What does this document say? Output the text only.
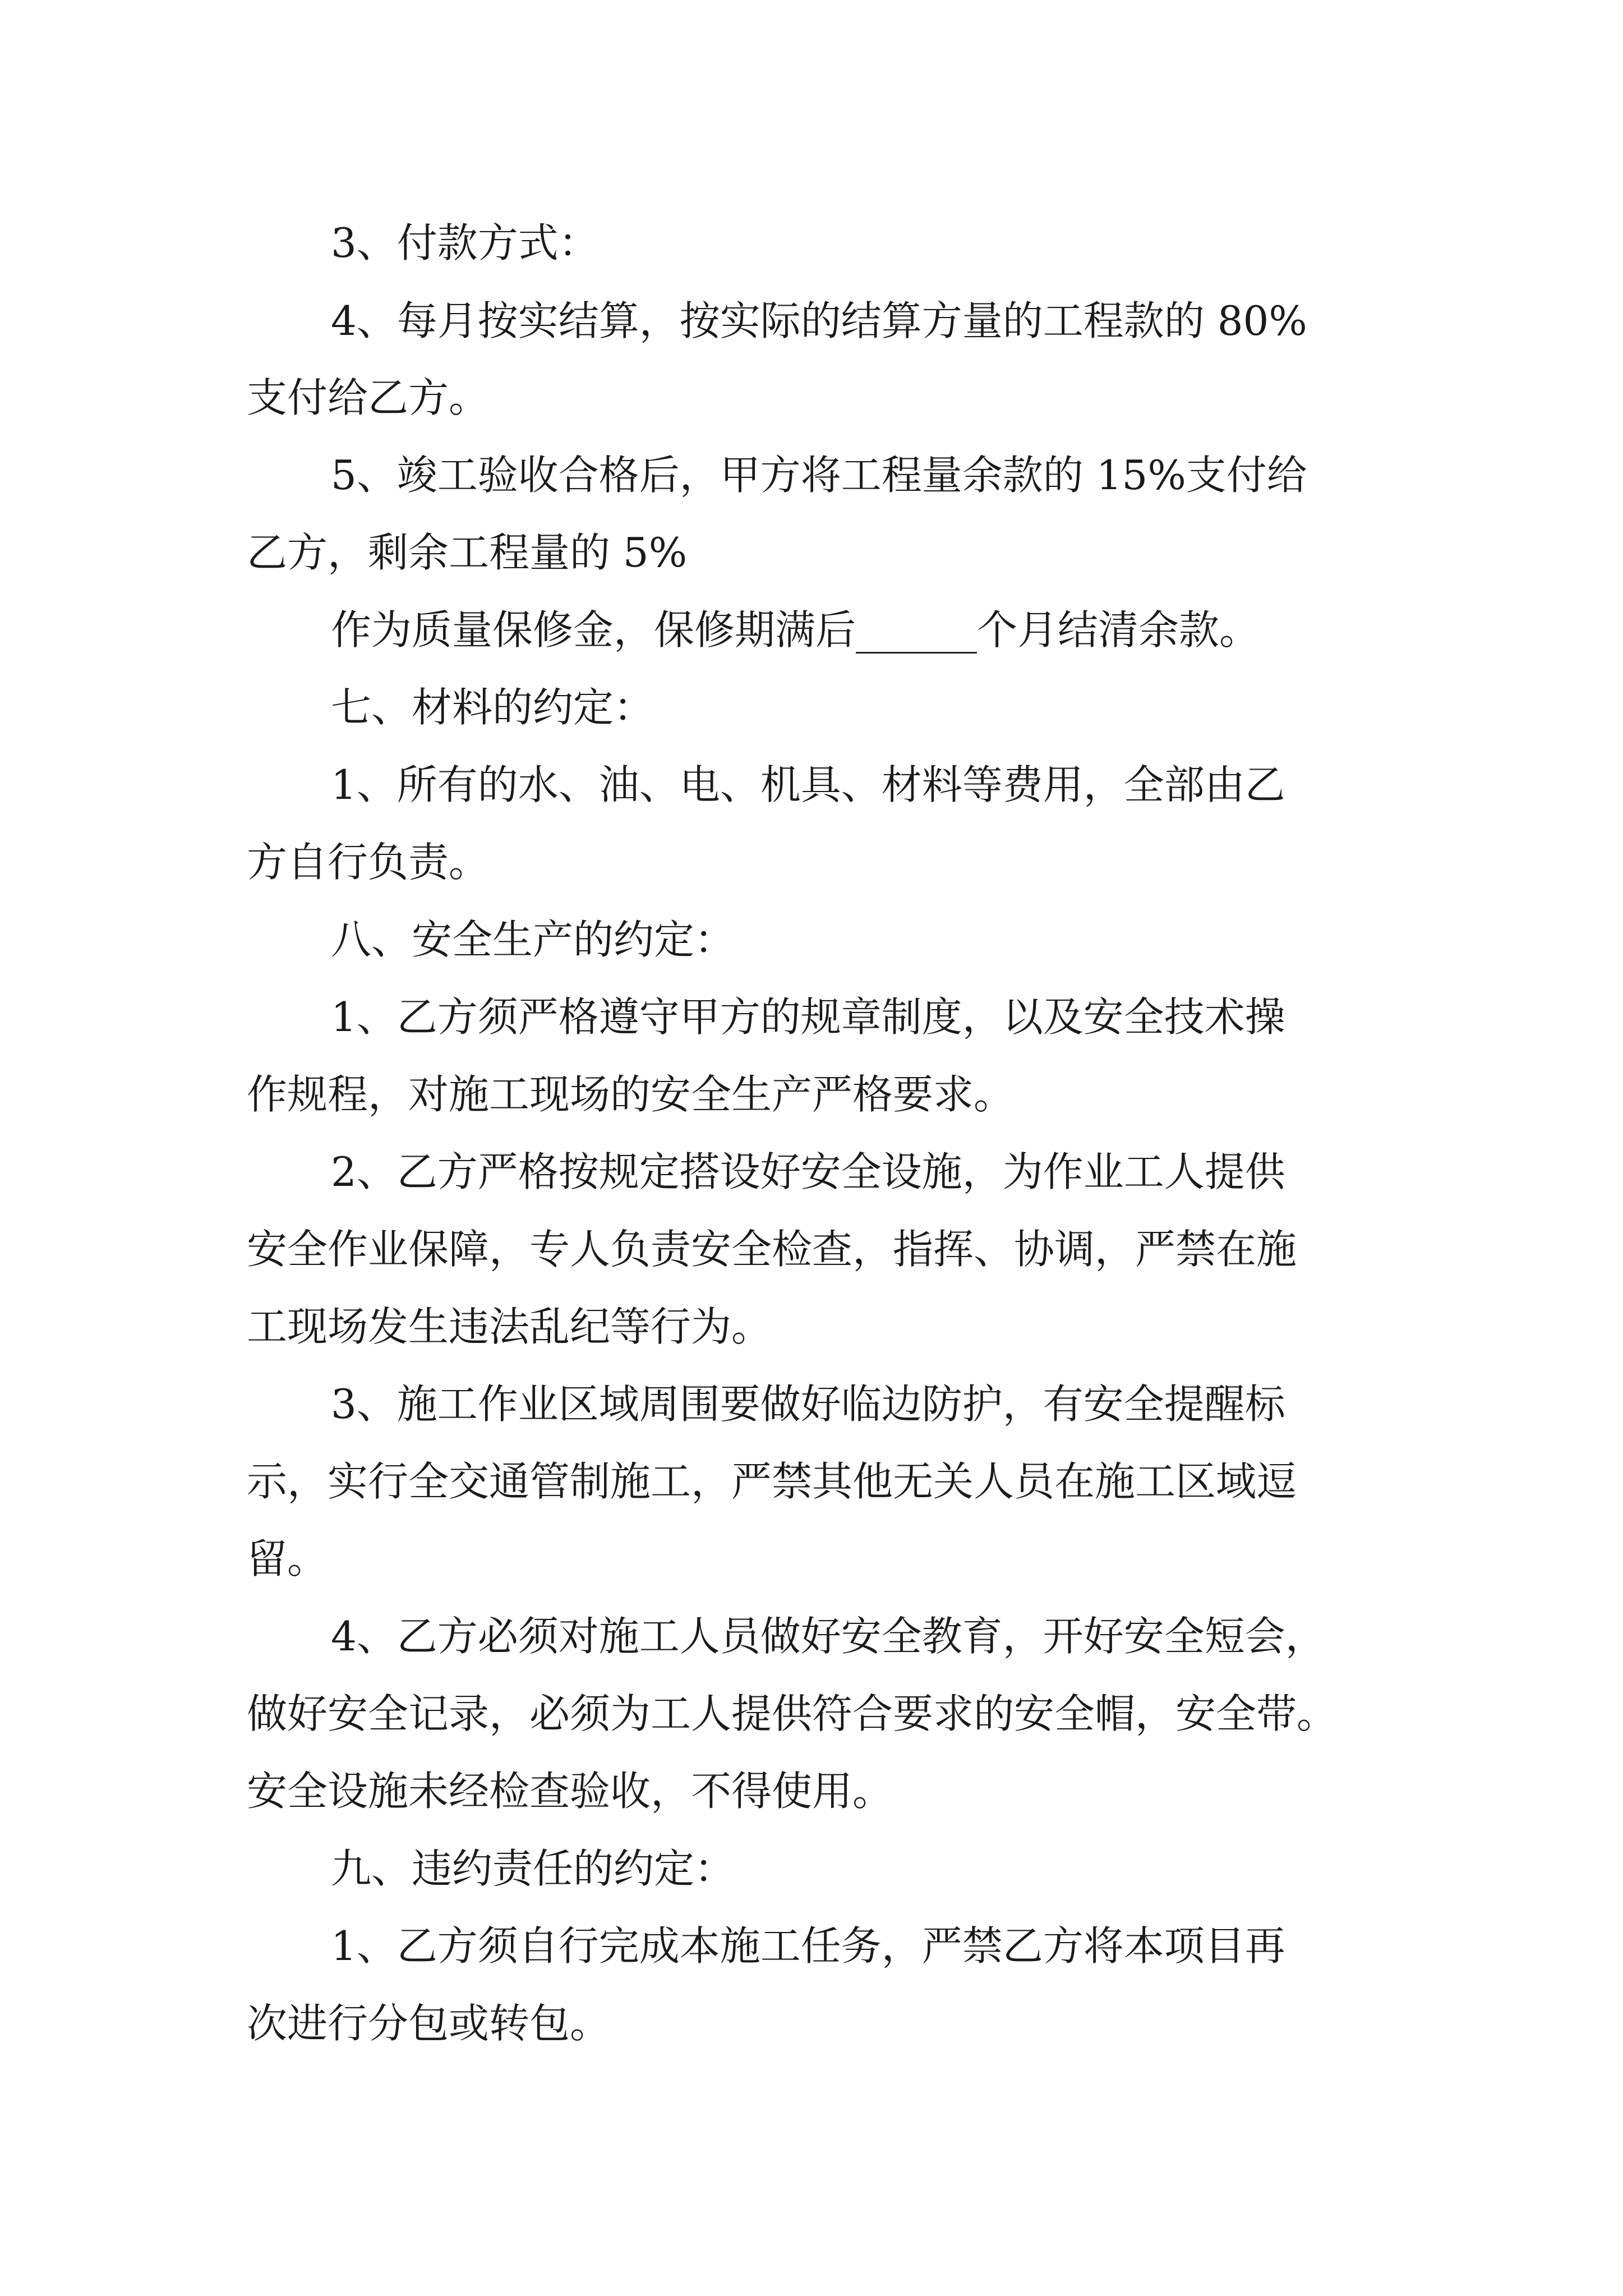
3、付款方式：
4、每月按实结算，按实际的结算方量的工程款的 80%
支付给乙方。
5、竣工验收合格后，甲方将工程量余款的 15%支付给
乙方，剩余工程量的 5%
作为质量保修金，保修期满后______个月结清余款。
七、材料的约定：
1、所有的水、油、电、机具、材料等费用，全部由乙
方自行负责。
八、安全生产的约定：
1、乙方须严格遵守甲方的规章制度，以及安全技术操
作规程，对施工现场的安全生产严格要求。
2、乙方严格按规定搭设好安全设施，为作业工人提供
安全作业保障，专人负责安全检查，指挥、协调，严禁在施
工现场发生违法乱纪等行为。
3、施工作业区域周围要做好临边防护，有安全提醒标
示，实行全交通管制施工，严禁其他无关人员在施工区域逗
留。
4、乙方必须对施工人员做好安全教育，开好安全短会，
做好安全记录，必须为工人提供符合要求的安全帽，安全带。
安全设施未经检查验收，不得使用。
九、违约责任的约定：
1、乙方须自行完成本施工任务，严禁乙方将本项目再
次进行分包或转包。
